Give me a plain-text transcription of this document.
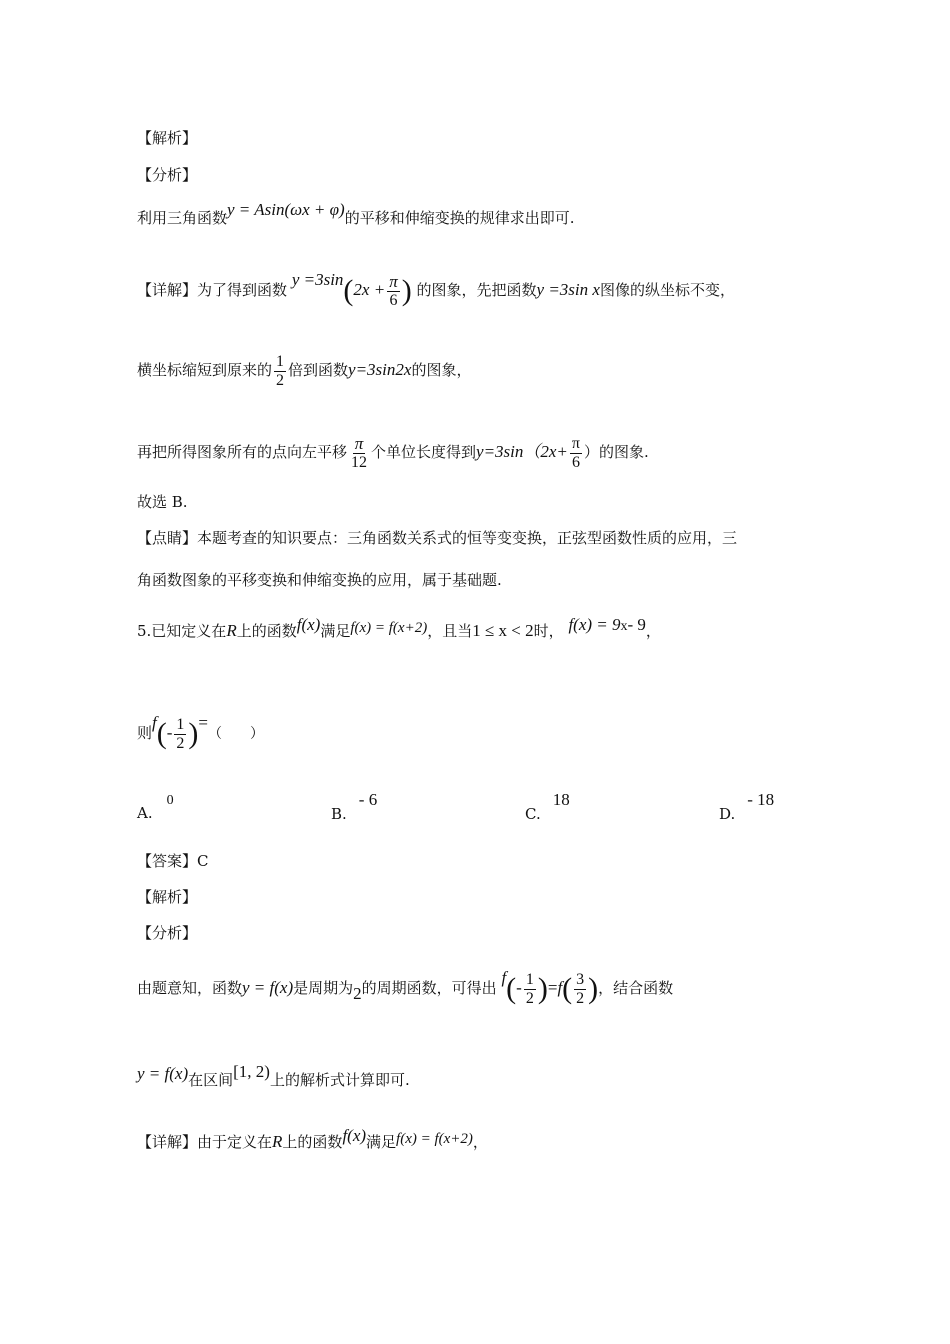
【解析】
【分析】
利用三角函数y = Asin(ωx + φ)的平移和伸缩变换的规律求出即可.
【详解】为了得到函数 $y =3\sin(2x + \frac{\pi}{6}$ ) 的图象，先把函数y =3sin x图像的纵坐标不变，
横坐标缩短到原来的 $\frac{1}{2}$ 倍到函数y=3sin2x的图象，
再把所得图象所有的点向左平移 $\frac{\pi}{12}$ 个单位长度得到$y=3\sin(2x+ \frac{\pi}{6}$ ）的图象.
故选 B.
【点睛】本题考查的知识要点：三角函数关系式的恒等变变换，正弦型函数性质的应用，三
角函数图象的平移变换和伸缩变换的应用，属于基础题.
5.已知定义在R上的函数f(x)满足f(x) = f(x+2)，且当1 ≤ x < 2时， $f(x) = 9^x-$ 9，
则$f(- \frac{1}{2}$ )=（　　）
A.0
B.- 6
C.18
D.- 18
【答案】C
【解析】
【分析】
由题意知，函数y = f(x)是周期为2的周期函数，可得出 $f(- \frac{1}{2} )=f( \frac{3}{2}$ )，结合函数
y = f(x)在区间[1, 2)上的解析式计算即可.
【详解】由于定义在R上的函数f(x)满足f(x) = f(x+2)，
